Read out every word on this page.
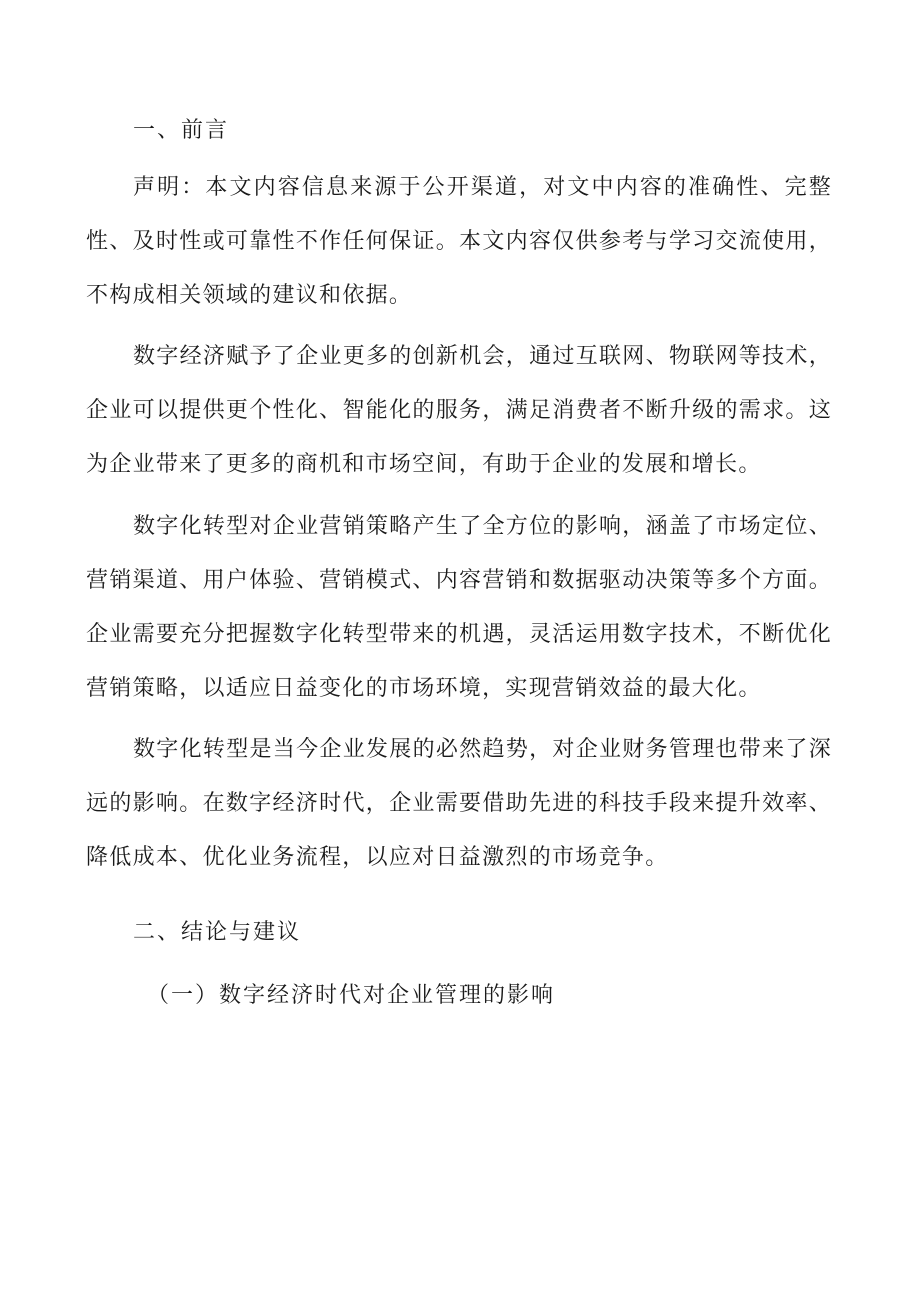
一、前言

声明：本文内容信息来源于公开渠道，对文中内容的准确性、完整性、及时性或可靠性不作任何保证。本文内容仅供参考与学习交流使用，不构成相关领域的建议和依据。

数字经济赋予了企业更多的创新机会，通过互联网、物联网等技术，企业可以提供更个性化、智能化的服务，满足消费者不断升级的需求。这为企业带来了更多的商机和市场空间，有助于企业的发展和增长。

数字化转型对企业营销策略产生了全方位的影响，涵盖了市场定位、营销渠道、用户体验、营销模式、内容营销和数据驱动决策等多个方面。企业需要充分把握数字化转型带来的机遇，灵活运用数字技术，不断优化营销策略，以适应日益变化的市场环境，实现营销效益的最大化。

数字化转型是当今企业发展的必然趋势，对企业财务管理也带来了深远的影响。在数字经济时代，企业需要借助先进的科技手段来提升效率、降低成本、优化业务流程，以应对日益激烈的市场竞争。

二、结论与建议
（一）数字经济时代对企业管理的影响
